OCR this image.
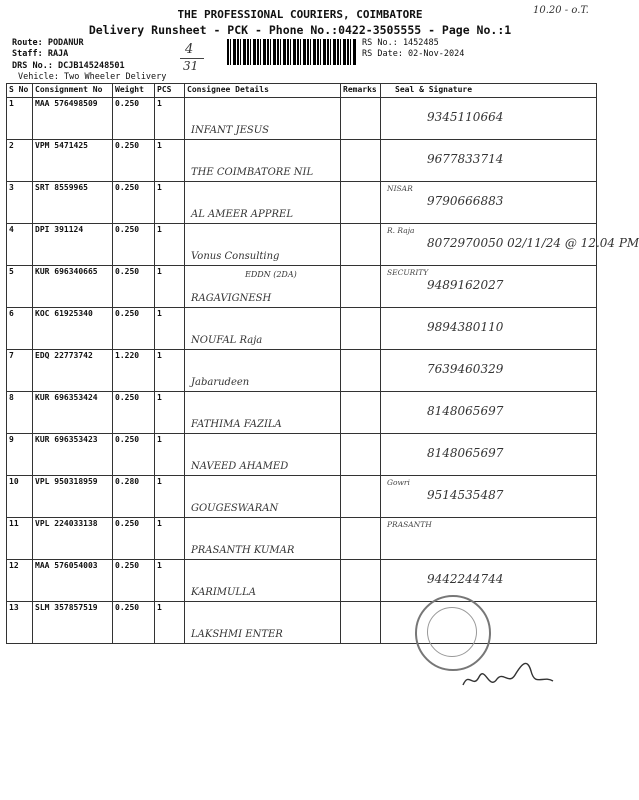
THE PROFESSIONAL COURIERS, COIMBATORE
Delivery Runsheet - PCK - Phone No.:0422-3505555 - Page No.:1
Route: PODANUR
Staff: RAJA
DRS No.: DCJB145248501
Vehicle: Two Wheeler Delivery
4
31
RS No.: 1452485
RS Date: 02-Nov-2024
10.20 - o.T.
S No	Consignment No	Weight	PCS	Consignee Details	Remarks	Seal & Signature
1	MAA 576498509	0.250	1	INFANT JESUS		9345110664

2	VPM 5471425	0.250	1	THE COIMBATORE NIL		9677833714

3	SRT 8559965	0.250	1	AL AMEER APPREL		NISAR
9790666883

4	DPI 391124	0.250	1	Vonus Consulting		R. Raja
8072970050 02/11/24 @ 12.04 PM

5	KUR 696340665	0.250	1	EDDN (2DA)
RAGAVIGNESH		SECURITY
9489162027

6	KOC 61925340	0.250	1	NOUFAL Raja		9894380110

7	EDQ 22773742	1.220	1	Jabarudeen		7639460329

8	KUR 696353424	0.250	1	FATHIMA FAZILA		8148065697

9	KUR 696353423	0.250	1	NAVEED AHAMED		8148065697

10	VPL 950318959	0.280	1	GOUGESWARAN		Gowri
9514535487

11	VPL 224033138	0.250	1	PRASANTH KUMAR		PRASANTH

12	MAA 576054003	0.250	1	KARIMULLA		9442244744

13	SLM 357857519	0.250	1	LAKSHMI ENTER		
